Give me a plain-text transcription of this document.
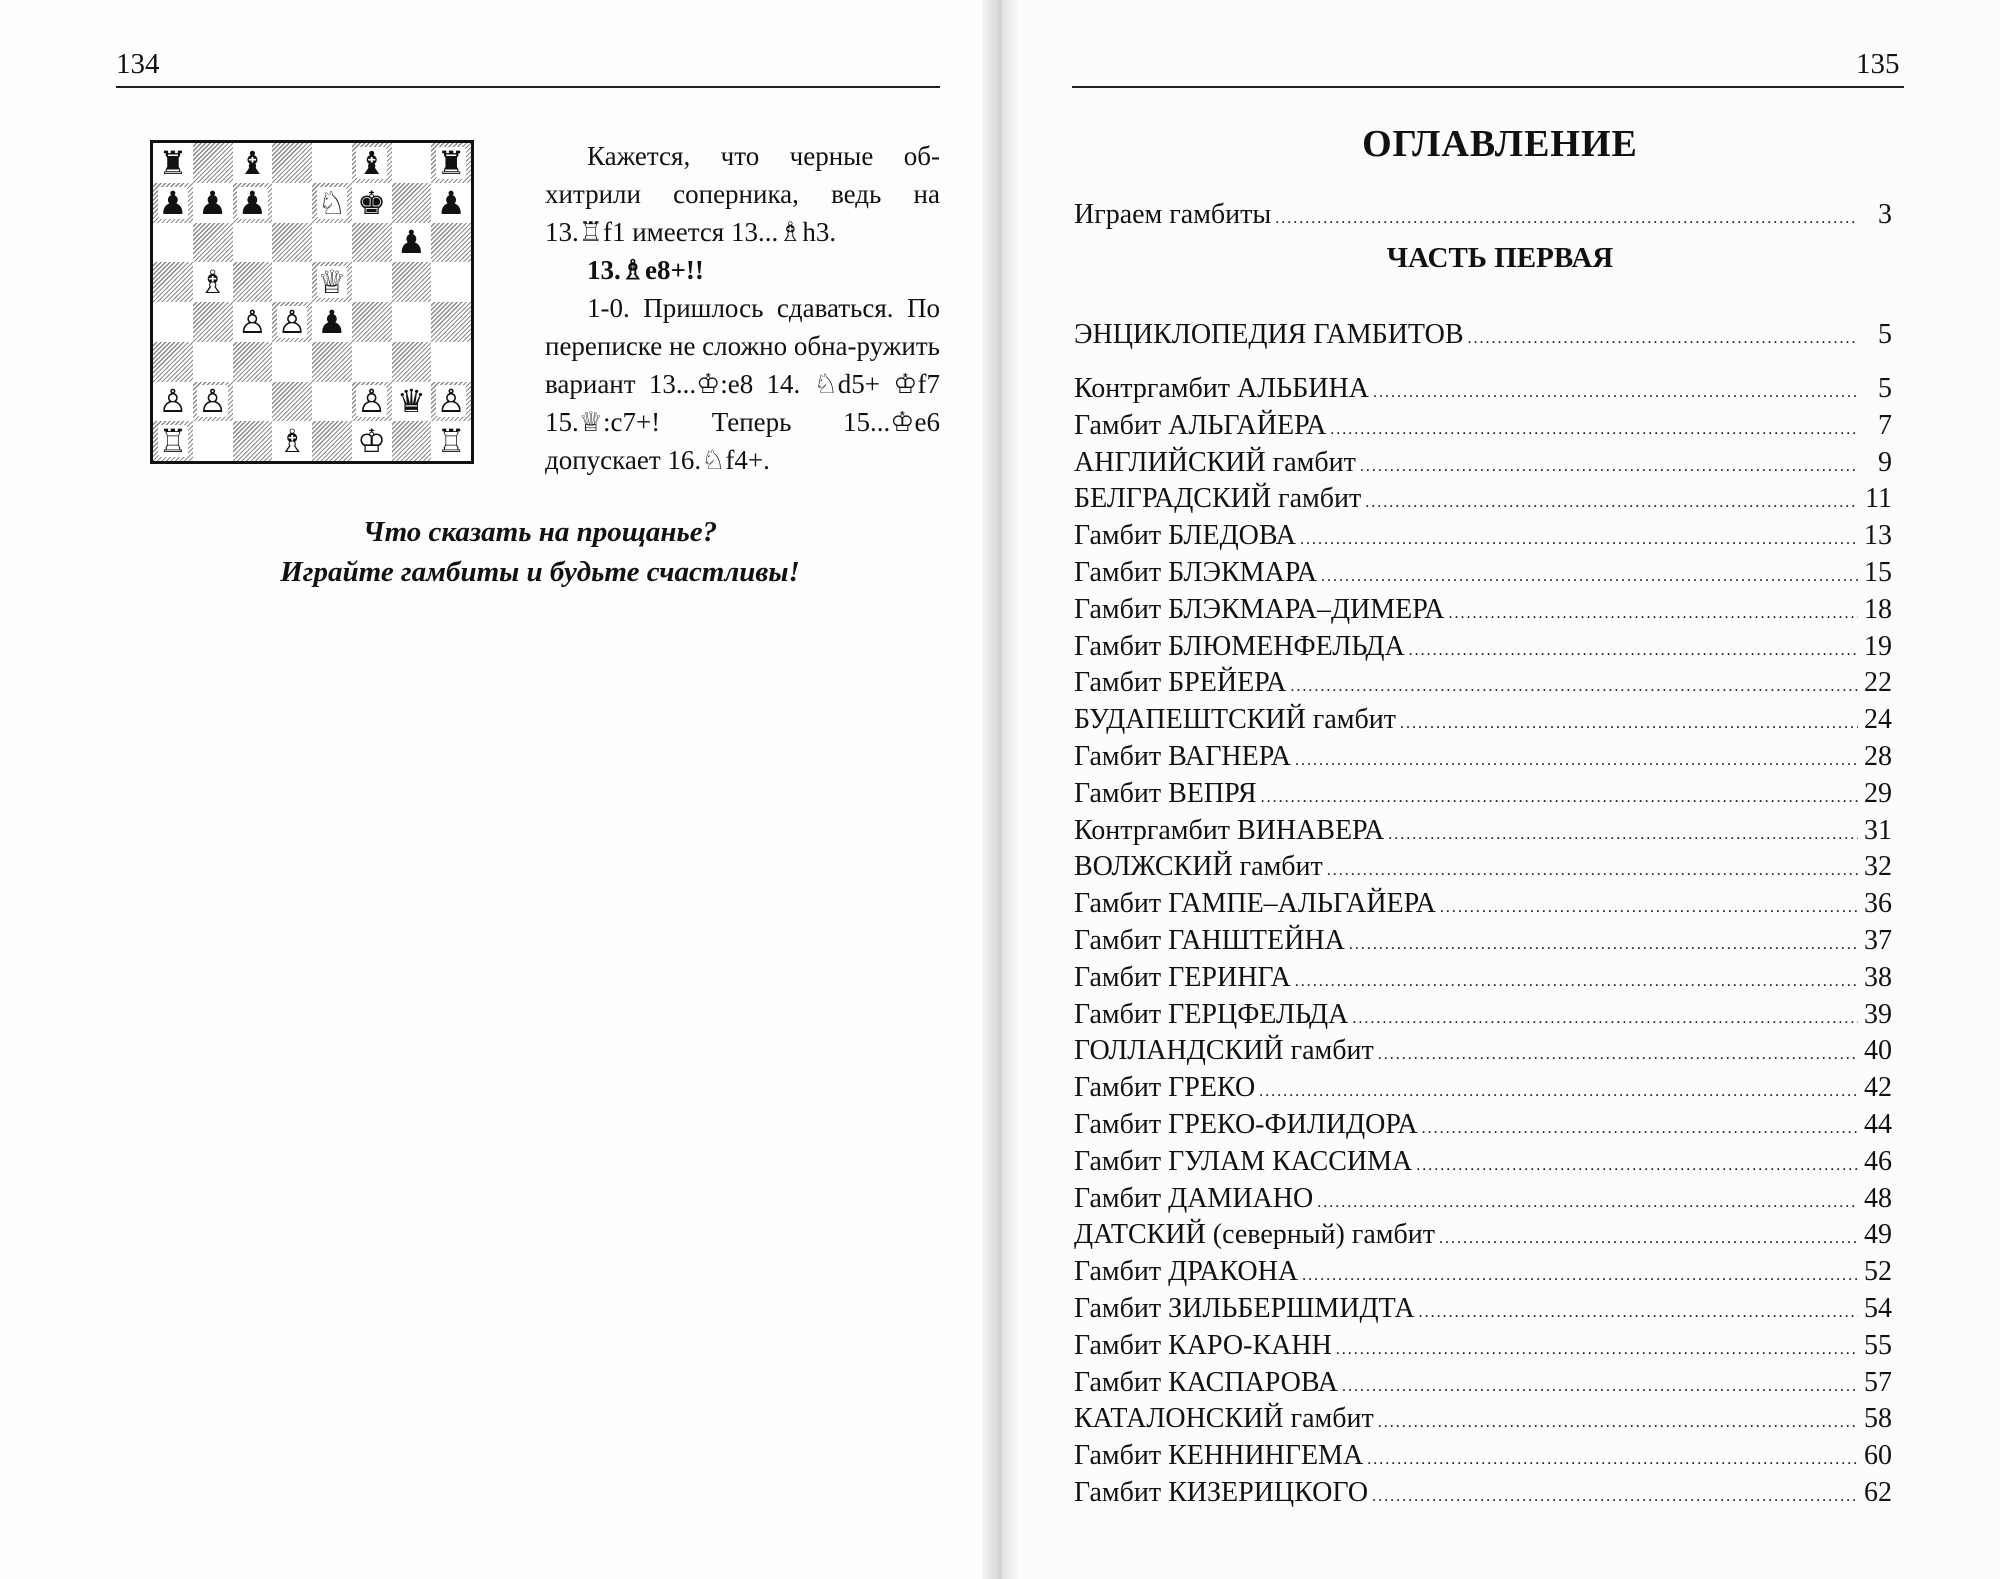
134
♜ ♝	♝ ♜
♟ ♟ ♟ ♘ ♚ ♟
♟
♗	♕
♙ ♙ ♟
♙ ♙	♙ ♛ ♙
♖	♗ ♔ ♖

Кажется, что черные об-хитрили соперника, ведь на 13.♖f1 имеется 13...♗h3.

13.♗e8+!!

1-0. Пришлось сдаваться. По переписке не сложно обна-ружить вариант 13...♔:e8 14. ♘d5+ ♔f7 15.♕:c7+! Теперь 15...♔e6 допускает 16.♘f4+.

Что сказать на прощанье?
Играйте гамбиты и будьте счастливы!
135
ОГЛАВЛЕНИЕ
Играем гамбиты .....	3
ЧАСТЬ ПЕРВАЯ
ЭНЦИКЛОПЕДИЯ ГАМБИТОВ .....	5
Контргамбит АЛЬБИНА .....	5
Гамбит АЛЬГАЙЕРА .....	7
АНГЛИЙСКИЙ гамбит .....	9
БЕЛГРАДСКИЙ гамбит .....	11
Гамбит БЛЕДОВА .....	13
Гамбит БЛЭКМАРА .....	15
Гамбит БЛЭКМАРА–ДИМЕРА .....	18
Гамбит БЛЮМЕНФЕЛЬДА .....	19
Гамбит БРЕЙЕРА .....	22
БУДАПЕШТСКИЙ гамбит .....	24
Гамбит ВАГНЕРА .....	28
Гамбит ВЕПРЯ .....	29
Контргамбит ВИНАВЕРА .....	31
ВОЛЖСКИЙ гамбит .....	32
Гамбит ГАМПЕ–АЛЬГАЙЕРА .....	36
Гамбит ГАНШТЕЙНА .....	37
Гамбит ГЕРИНГА .....	38
Гамбит ГЕРЦФЕЛЬДА .....	39
ГОЛЛАНДСКИЙ гамбит .....	40
Гамбит ГРЕКО .....	42
Гамбит ГРЕКО-ФИЛИДОРА .....	44
Гамбит ГУЛАМ КАССИМА .....	46
Гамбит ДАМИАНО .....	48
ДАТСКИЙ (северный) гамбит .....	49
Гамбит ДРАКОНА .....	52
Гамбит ЗИЛЬБЕРШМИДТА .....	54
Гамбит КАРО-КАНН .....	55
Гамбит КАСПАРОВА .....	57
КАТАЛОНСКИЙ гамбит .....	58
Гамбит КЕННИНГЕМА .....	60
Гамбит КИЗЕРИЦКОГО .....	62
